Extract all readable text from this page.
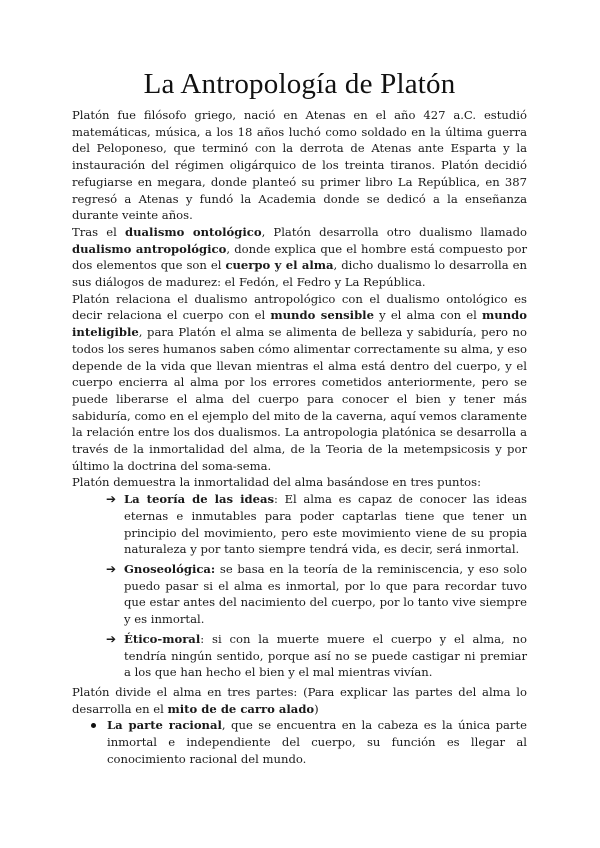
La Antropología de Platón

Platón fue filósofo griego, nació en Atenas en el año 427 a.C. estudió matemáticas, música, a los 18 años luchó como soldado en la última guerra del Peloponeso, que terminó con la derrota de Atenas ante Esparta y la instauración del régimen oligárquico de los treinta tiranos. Platón decidió refugiarse en megara, donde planteó su primer libro La República, en 387 regresó a Atenas y fundó la Academia donde se dedicó a la enseñanza durante veinte años.

Tras el dualismo ontológico, Platón desarrolla otro dualismo llamado dualismo antropológico, donde explica que el hombre está compuesto por dos elementos que son el cuerpo y el alma, dicho dualismo lo desarrolla en sus diálogos de madurez: el Fedón, el Fedro y La República.

Platón relaciona el dualismo antropológico con el dualismo ontológico es decir relaciona el cuerpo con el mundo sensible y el alma con el mundo inteligible, para Platón el alma se alimenta de belleza y sabiduría, pero no todos los seres humanos saben cómo alimentar correctamente su alma, y eso depende de la vida que llevan mientras el alma está dentro del cuerpo, y el cuerpo encierra al alma por los errores cometidos anteriormente, pero se puede liberarse el alma del cuerpo para conocer el bien y tener más sabiduría, como en el ejemplo del mito de la caverna, aquí vemos claramente la relación entre los dos dualismos. La antropologia platónica se desarrolla a través de la inmortalidad del alma, de la Teoria de la metempsicosis y por último la doctrina del soma-sema.

Platón demuestra la inmortalidad del alma basándose en tres puntos:

➔ La teoría de las ideas: El alma es capaz de conocer las ideas eternas e inmutables para poder captarlas tiene que tener un principio del movimiento, pero este movimiento viene de su propia naturaleza y por tanto siempre tendrá vida, es decir, será inmortal.
➔ Gnoseológica: se basa en la teoría de la reminiscencia, y eso solo puedo pasar si el alma es inmortal, por lo que para recordar tuvo que estar antes del nacimiento del cuerpo, por lo tanto vive siempre y es inmortal.
➔ Ético-moral: si con la muerte muere el cuerpo y el alma, no tendría ningún sentido, porque así no se puede castigar ni premiar a los que han hecho el bien y el mal mientras vivían.

Platón divide el alma en tres partes: (Para explicar las partes del alma lo desarrolla en el mito de de carro alado)

La parte racional, que se encuentra en la cabeza es la única parte inmortal e independiente del cuerpo, su función es llegar al conocimiento racional del mundo.
